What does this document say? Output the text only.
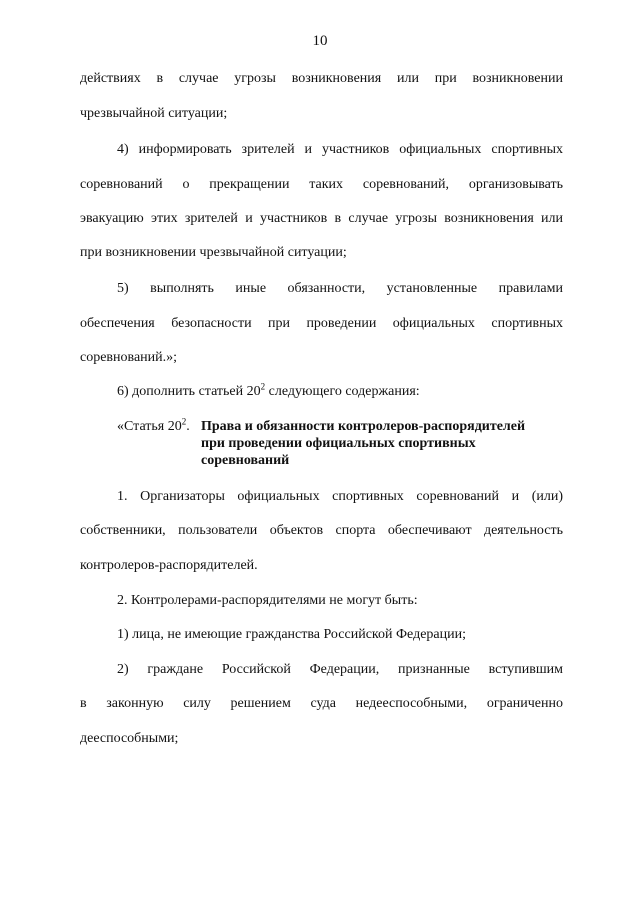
10
действиях в случае угрозы возникновения или при возникновении
чрезвычайной ситуации;
4) информировать зрителей и участников официальных спортивных
соревнований о прекращении таких соревнований, организовывать
эвакуацию этих зрителей и участников в случае угрозы возникновения или
при возникновении чрезвычайной ситуации;
5) выполнять иные обязанности, установленные правилами
обеспечения безопасности при проведении официальных спортивных
соревнований.»;
6) дополнить статьей $20^2$ следующего содержания:
«Статья $20^2$. Права и обязанности контролеров-распорядителей
при проведении официальных спортивных
соревнований
1. Организаторы официальных спортивных соревнований и (или)
собственники, пользователи объектов спорта обеспечивают деятельность
контролеров-распорядителей.
2. Контролерами-распорядителями не могут быть:
1) лица, не имеющие гражданства Российской Федерации;
2) граждане Российской Федерации, признанные вступившим
в законную силу решением суда недееспособными, ограниченно
дееспособными;
